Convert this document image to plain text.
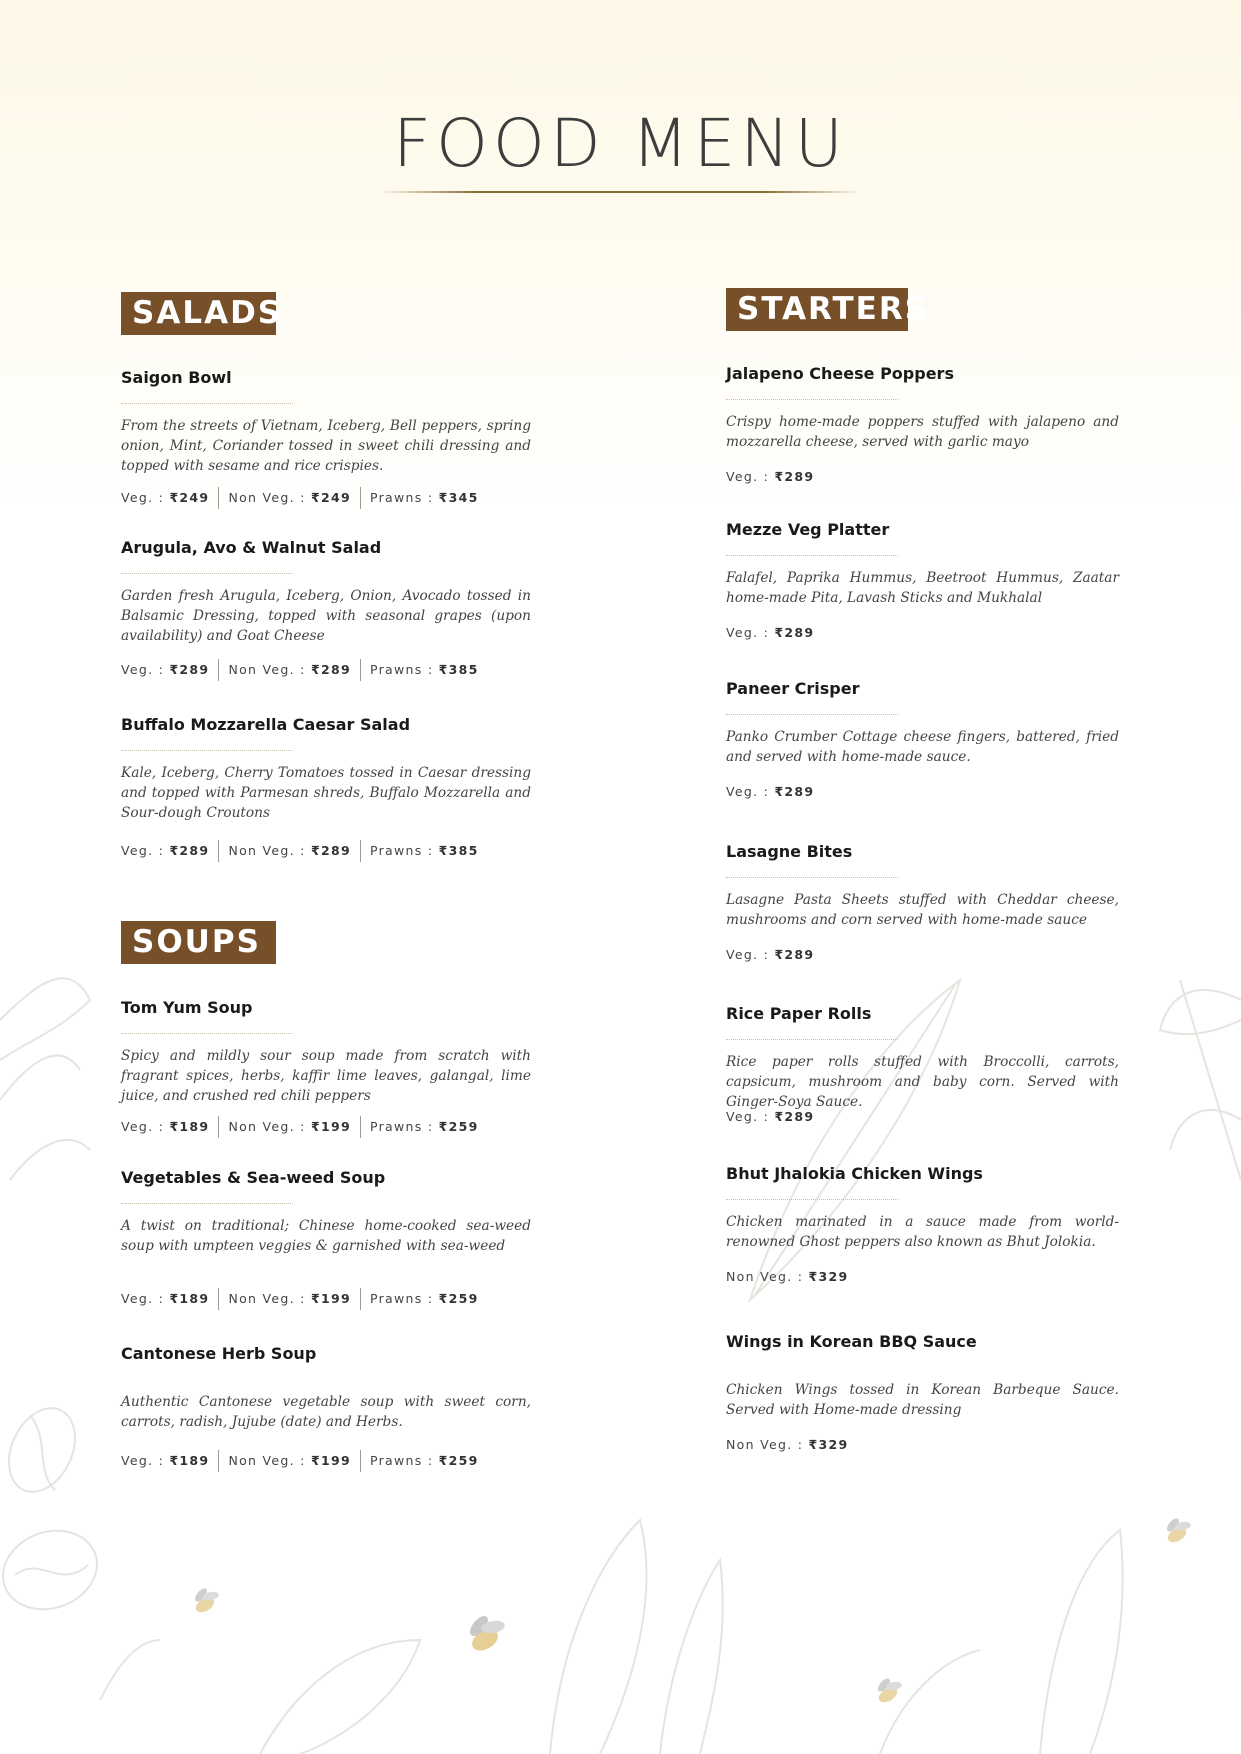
FOOD MENU
SALADS

Saigon Bowl

From the streets of Vietnam, Iceberg, Bell peppers, spring onion, Mint, Coriander tossed in sweet chili dressing and topped with sesame and rice crispies.

Veg. : ₹249 Non Veg. : ₹249 Prawns : ₹345

Arugula, Avo & Walnut Salad

Garden fresh Arugula, Iceberg, Onion, Avocado tossed in Balsamic Dressing, topped with seasonal grapes (upon availability) and Goat Cheese

Veg. : ₹289 Non Veg. : ₹289 Prawns : ₹385

Buffalo Mozzarella Caesar Salad

Kale, Iceberg, Cherry Tomatoes tossed in Caesar dressing and topped with Parmesan shreds, Buffalo Mozzarella and Sour-dough Croutons

Veg. : ₹289 Non Veg. : ₹289 Prawns : ₹385
SOUPS

Tom Yum Soup

Spicy and mildly sour soup made from scratch with fragrant spices, herbs, kaffir lime leaves, galangal, lime juice, and crushed red chili peppers

Veg. : ₹189 Non Veg. : ₹199 Prawns : ₹259

Vegetables & Sea-weed Soup

A twist on traditional; Chinese home-cooked sea-weed soup with umpteen veggies & garnished with sea-weed

Veg. : ₹189 Non Veg. : ₹199 Prawns : ₹259

Cantonese Herb Soup

Authentic Cantonese vegetable soup with sweet corn, carrots, radish, Jujube (date) and Herbs.

Veg. : ₹189 Non Veg. : ₹199 Prawns : ₹259
STARTERS

Jalapeno Cheese Poppers

Crispy home-made poppers stuffed with jalapeno and mozzarella cheese, served with garlic mayo

Veg. : ₹289

Mezze Veg Platter

Falafel, Paprika Hummus, Beetroot Hummus, Zaatar home-made Pita, Lavash Sticks and Mukhalal

Veg. : ₹289

Paneer Crisper

Panko Crumber Cottage cheese fingers, battered, fried and served with home-made sauce.

Veg. : ₹289

Lasagne Bites

Lasagne Pasta Sheets stuffed with Cheddar cheese, mushrooms and corn served with home-made sauce

Veg. : ₹289

Rice Paper Rolls

Rice paper rolls stuffed with Broccolli, carrots, capsicum, mushroom and baby corn. Served with Ginger-Soya Sauce.

Veg. : ₹289

Bhut Jhalokia Chicken Wings

Chicken marinated in a sauce made from world-renowned Ghost peppers also known as Bhut Jolokia.

Non Veg. : ₹329

Wings in Korean BBQ Sauce

Chicken Wings tossed in Korean Barbeque Sauce. Served with Home-made dressing

Non Veg. : ₹329
